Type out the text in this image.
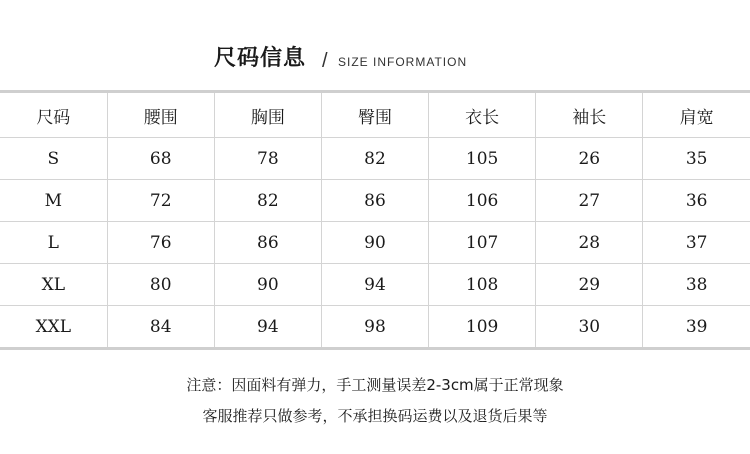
尺码信息 / SIZE INFORMATION
尺码	腰围	胸围	臀围	衣长	袖长	肩宽
S	68	78	82	105	26	35
M	72	82	86	106	27	36
L	76	86	90	107	28	37
XL	80	90	94	108	29	38
XXL	84	94	98	109	30	39
注意：因面料有弹力，手工测量误差2-3cm属于正常现象
客服推荐只做参考，不承担换码运费以及退货后果等
